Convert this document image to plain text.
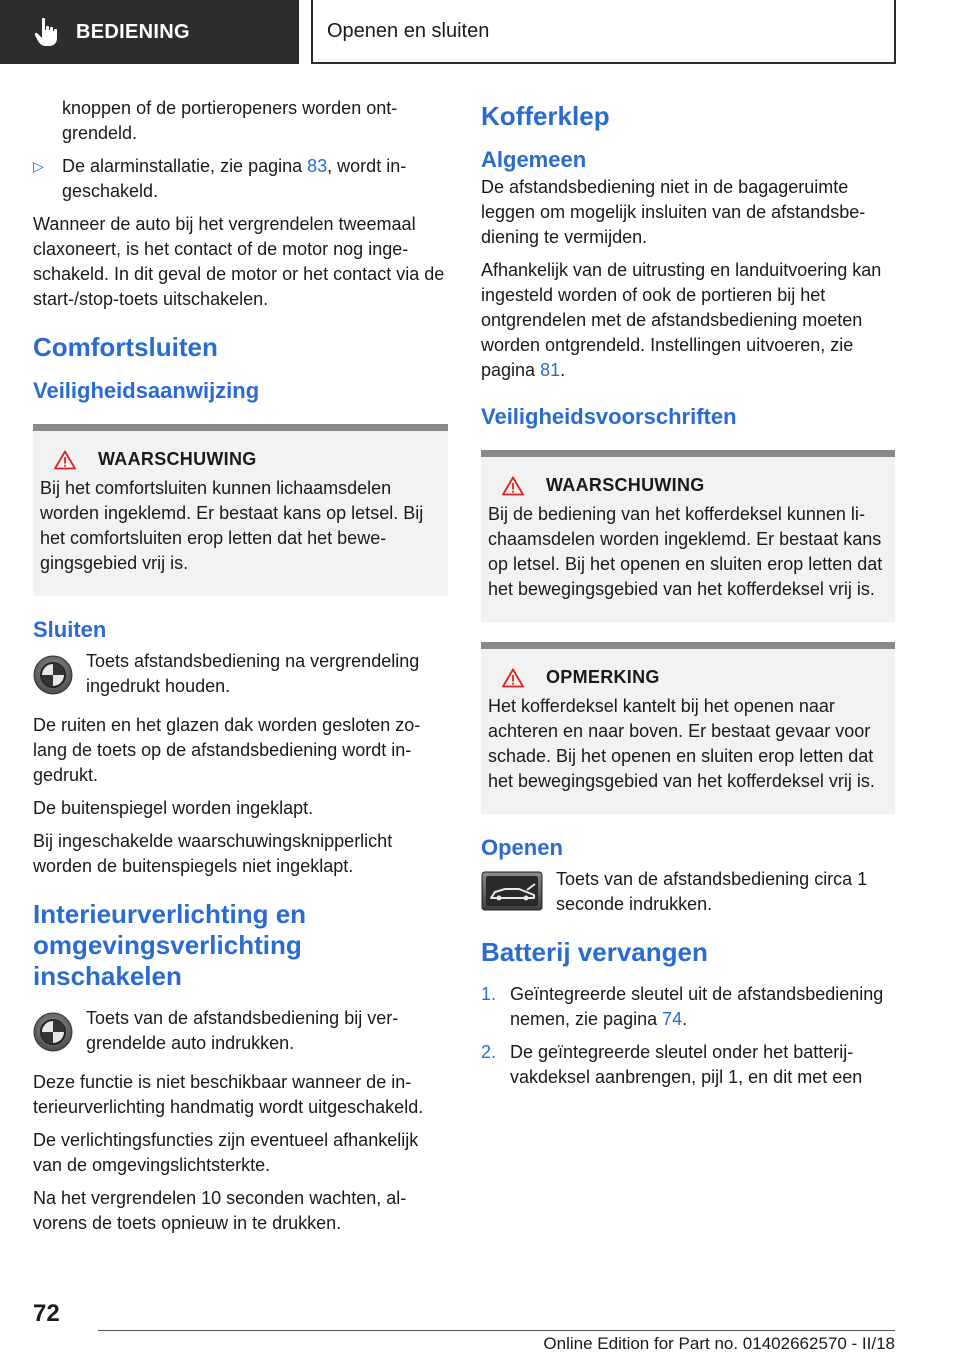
BEDIENING	Openen en sluiten

knoppen of de portieropeners worden ontgrendeld.

▷	De alarminstallatie, zie pagina 83, wordt ingeschakeld.

Wanneer de auto bij het vergrendelen tweemaal claxoneert, is het contact of de motor nog ingeschakeld. In dit geval de motor or het contact via de start-/stop-toets uitschakelen.

Comfortsluiten
Veiligheidsaanwijzing
WAARSCHUWING

Bij het comfortsluiten kunnen lichaamsdelen worden ingeklemd. Er bestaat kans op letsel. Bij het comfortsluiten erop letten dat het bewegingsgebied vrij is.

Sluiten

Toets afstandsbediening na vergrendeling ingedrukt houden.

De ruiten en het glazen dak worden gesloten zolang de toets op de afstandsbediening wordt ingedrukt.

De buitenspiegel worden ingeklapt.

Bij ingeschakelde waarschuwingsknipperlicht worden de buitenspiegels niet ingeklapt.

Interieurverlichting en omgevingsverlichting inschakelen

Toets van de afstandsbediening bij vergrendelde auto indrukken.

Deze functie is niet beschikbaar wanneer de interieurverlichting handmatig wordt uitgeschakeld.

De verlichtingsfuncties zijn eventueel afhankelijk van de omgevingslichtsterkte.

Na het vergrendelen 10 seconden wachten, alvorens de toets opnieuw in te drukken.

Kofferklep
Algemeen

De afstandsbediening niet in de bagageruimte leggen om mogelijk insluiten van de afstandsbediening te vermijden.

Afhankelijk van de uitrusting en landuitvoering kan ingesteld worden of ook de portieren bij het ontgrendelen met de afstandsbediening moeten worden ontgrendeld. Instellingen uitvoeren, zie pagina 81.

Veiligheidsvoorschriften
WAARSCHUWING

Bij de bediening van het kofferdeksel kunnen lichaamsdelen worden ingeklemd. Er bestaat kans op letsel. Bij het openen en sluiten erop letten dat het bewegingsgebied van het kofferdeksel vrij is.

OPMERKING

Het kofferdeksel kantelt bij het openen naar achteren en naar boven. Er bestaat gevaar voor schade. Bij het openen en sluiten erop letten dat het bewegingsgebied van het kofferdeksel vrij is.

Openen

Toets van de afstandsbediening circa 1 seconde indrukken.

Batterij vervangen
1. Geïntegreerde sleutel uit de afstandsbediening nemen, zie pagina 74.
2. De geïntegreerde sleutel onder het batterijvakdeksel aanbrengen, pijl 1, en dit met een
72
Online Edition for Part no. 01402662570 - II/18
